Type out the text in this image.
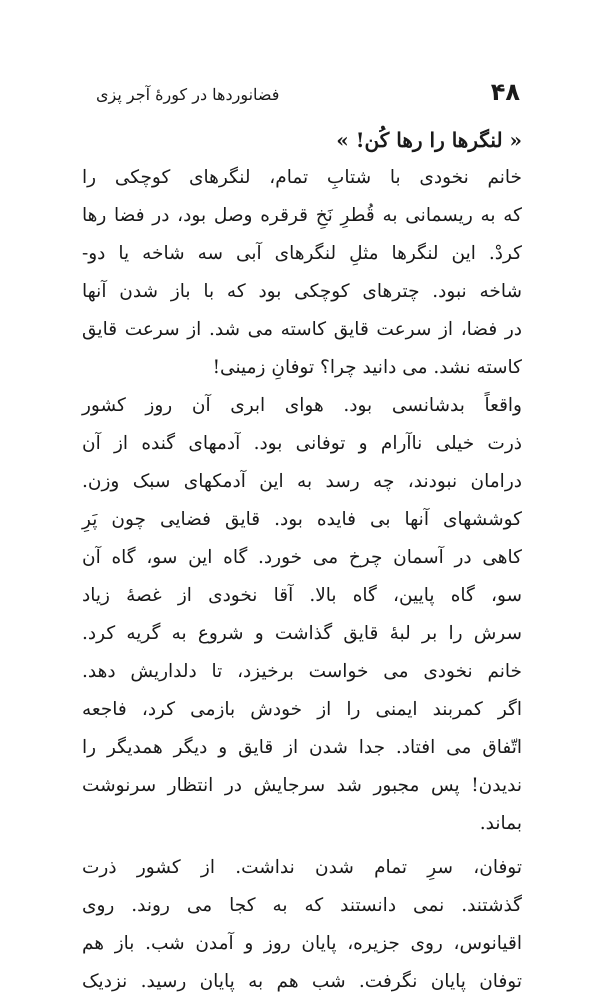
۴۸
فضانوردها در کورهٔ آجر پزی
« لنگرها را رها کُن! »
خانم نخودی با شتابِ تمام، لنگرهای کوچکی را
که به ریسمانی به قُطرِ نَخِ قرقره وصل بود، در فضا رها
کردْ. این لنگرها مثلِ لنگرهای آبی سه شاخه یا دو-
شاخه نبود. چترهای کوچکی بود که با باز شدن آنها
در فضا، از سرعت قایق کاسته می شد. از سرعت قایق
کاسته نشد. می دانید چرا؟ توفانِ زمینی!
واقعاً بدشانسی بود. هوای ابری آن روز کشور
ذرت خیلی ناآرام و توفانی بود. آدمهای گنده از آن
درامان نبودند، چه رسد به این آدمکهای سبک وزن.
کوششهای آنها بی فایده بود. قایق فضایی چون پَرِ
کاهی در آسمان چرخ می خورد. گاه این سو، گاه آن
سو، گاه پایین، گاه بالا. آقا نخودی از غصهٔ زیاد
سرش را بر لبهٔ قایق گذاشت و شروع به گریه کرد.
خانم نخودی می خواست برخیزد، تا دلداریش دهد.
اگر کمربند ایمنی را از خودش بازمی کرد، فاجعه
اتّفاق می افتاد. جدا شدن از قایق و دیگر همدیگر را
ندیدن! پس مجبور شد سرجایش در انتظار سرنوشت
بماند.
توفان، سرِ تمام شدن نداشت. از کشور ذرت
گذشتند. نمی دانستند که به کجا می روند. روی
اقیانوس، روی جزیره، پایان روز و آمدن شب. باز هم
توفان پایان نگرفت. شب هم به پایان رسید. نزدیک
